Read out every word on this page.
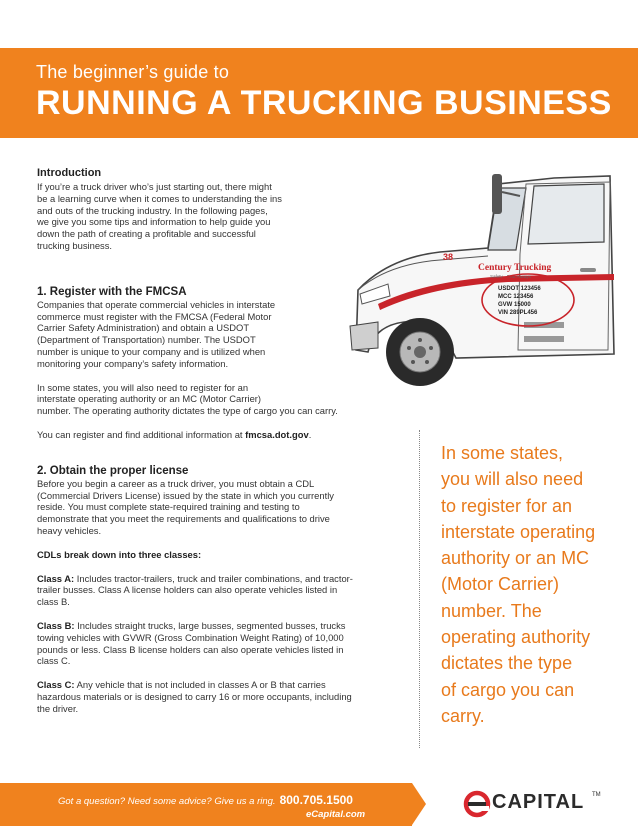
The beginner’s guide to
RUNNING A TRUCKING BUSINESS
38
Century Trucking
Safety · First Always
USDOT 123456
MCC 123456
GVW 15000
VIN 289PL456
Introduction
If you’re a truck driver who’s just starting out, there might
be a learning curve when it comes to understanding the ins
and outs of the trucking industry. In the following pages,
we give you some tips and information to help guide you
down the path of creating a profitable and successful
trucking business.
1. Register with the FMCSA
Companies that operate commercial vehicles in interstate
commerce must register with the FMCSA (Federal Motor
Carrier Safety Administration) and obtain a USDOT
(Department of Transportation) number. The USDOT
number is unique to your company and is utilized when
monitoring your company’s safety information.
In some states, you will also need to register for an
interstate operating authority or an MC (Motor Carrier)
number. The operating authority dictates the type of cargo you can carry.
You can register and find additional information at fmcsa.dot.gov.
2. Obtain the proper license
Before you begin a career as a truck driver, you must obtain a CDL
(Commercial Drivers License) issued by the state in which you currently
reside. You must complete state-required training and testing to
demonstrate that you meet the requirements and qualifications to drive
heavy vehicles.
CDLs break down into three classes:
Class A: Includes tractor-trailers, truck and trailer combinations, and tractor-
trailer busses. Class A license holders can also operate vehicles listed in
class B.
Class B: Includes straight trucks, large busses, segmented busses, trucks
towing vehicles with GVWR (Gross Combination Weight Rating) of 10,000
pounds or less. Class B license holders can also operate vehicles listed in
class C.
Class C: Any vehicle that is not included in classes A or B that carries
hazardous materials or is designed to carry 16 or more occupants, including
the driver.
In some states,
you will also need
to register for an
interstate operating
authority or an MC
(Motor Carrier)
number. The
operating authority
dictates the type
of cargo you can
carry.
Got a question? Need some advice? Give us a ring. 800.705.1500
eCapital.com
CAPITAL TM
